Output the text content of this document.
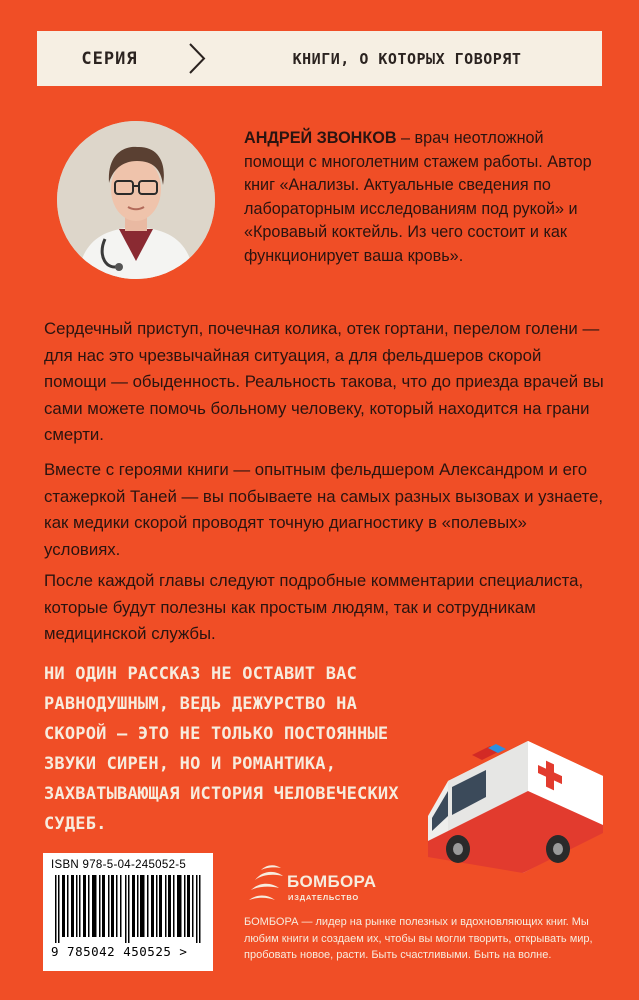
СЕРИЯ	КНИГИ, О КОТОРЫХ ГОВОРЯТ
АНДРЕЙ ЗВОНКОВ – врач неотложной помощи с многолетним стажем работы. Автор книг «Анализы. Актуальные сведения по лабораторным исследованиям под рукой» и «Кровавый коктейль. Из чего состоит и как функционирует ваша кровь».
Сердечный приступ, почечная колика, отек гортани, перелом голени — для нас это чрезвычайная ситуация, а для фельдшеров скорой помощи — обыденность. Реальность такова, что до приезда врачей вы сами можете помочь больному человеку, который находится на грани смерти.
Вместе с героями книги — опытным фельдшером Александром и его стажеркой Таней — вы побываете на самых разных вызовах и узнаете, как медики скорой проводят точную диагностику в «полевых» условиях.
После каждой главы следуют подробные комментарии специалиста, которые будут полезны как простым людям, так и сотрудникам медицинской службы.
НИ ОДИН РАССКАЗ НЕ ОСТАВИТ ВАС РАВНОДУШНЫМ, ВЕДЬ ДЕЖУРСТВО НА СКОРОЙ — ЭТО НЕ ТОЛЬКО ПОСТОЯННЫЕ ЗВУКИ СИРЕН, НО И РОМАНТИКА, ЗАХВАТЫВАЮЩАЯ ИСТОРИЯ ЧЕЛОВЕЧЕСКИХ СУДЕБ.
ISBN 978-5-04-245052-5
9 785042 450525 >
БОМБОРА
ИЗДАТЕЛЬСТВО
БОМБОРА — лидер на рынке полезных и вдохновляющих книг. Мы любим книги и создаем их, чтобы вы могли творить, открывать мир, пробовать новое, расти. Быть счастливыми. Быть на волне.
